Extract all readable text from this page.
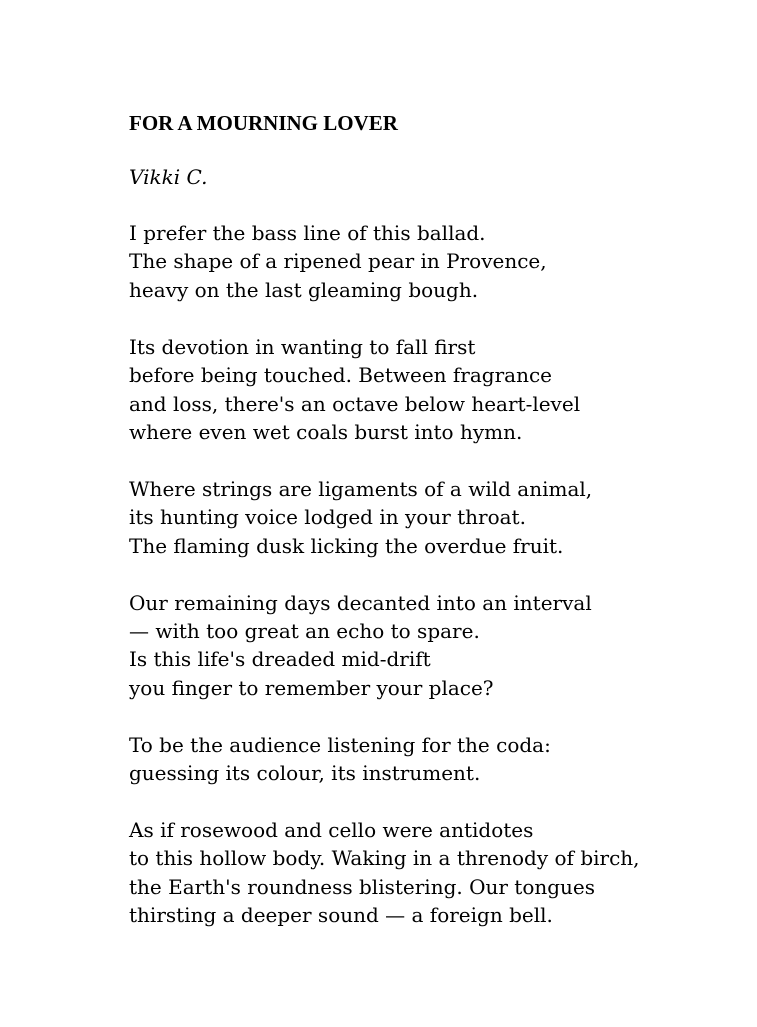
FOR A MOURNING LOVER
Vikki C.
I prefer the bass line of this ballad.
The shape of a ripened pear in Provence,
heavy on the last gleaming bough.
Its devotion in wanting to fall first
before being touched. Between fragrance
and loss, there's an octave below heart-level
where even wet coals burst into hymn.
Where strings are ligaments of a wild animal,
its hunting voice lodged in your throat.
The flaming dusk licking the overdue fruit.
Our remaining days decanted into an interval
— with too great an echo to spare.
Is this life's dreaded mid-drift
you finger to remember your place?
To be the audience listening for the coda:
guessing its colour, its instrument.
As if rosewood and cello were antidotes
to this hollow body. Waking in a threnody of birch,
the Earth's roundness blistering. Our tongues
thirsting a deeper sound — a foreign bell.
